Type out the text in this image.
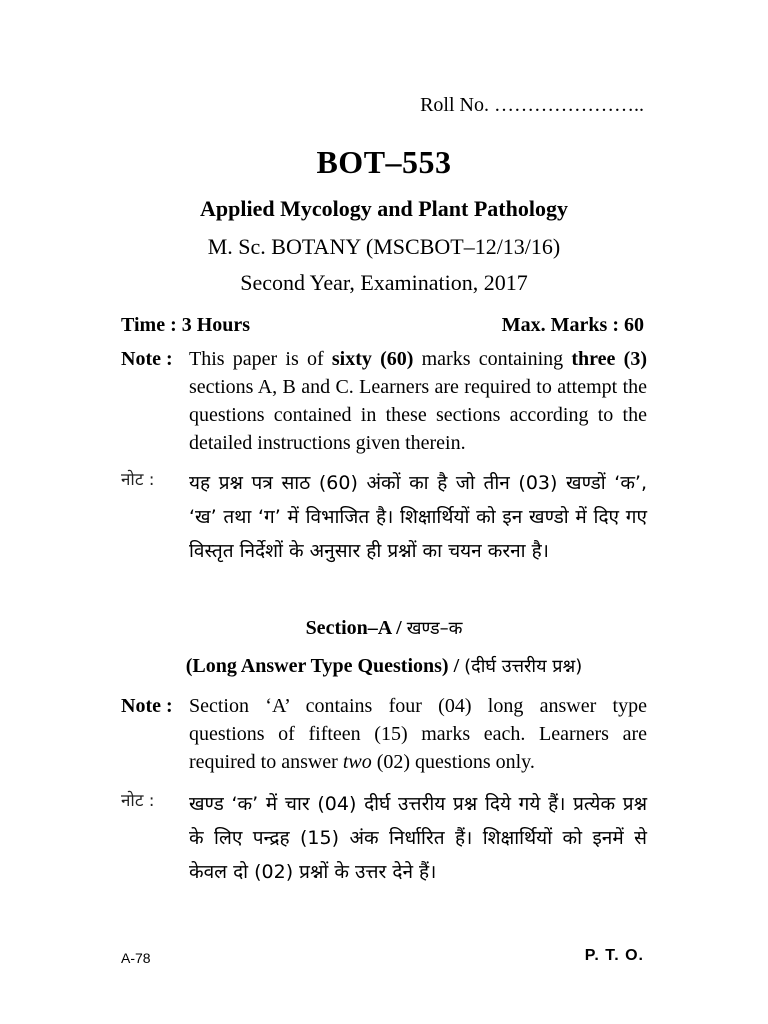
Roll No. …………………..
BOT–553
Applied Mycology and Plant Pathology
M. Sc. BOTANY (MSCBOT–12/13/16)
Second Year, Examination, 2017
Time : 3 Hours	Max. Marks : 60
Note : This paper is of sixty (60) marks containing three (3) sections A, B and C. Learners are required to attempt the questions contained in these sections according to the detailed instructions given therein.
नोट :	यह प्रश्न पत्र साठ (60) अंकों का है जो तीन (03) खण्डों ‘क’, ‘ख’ तथा ‘ग’ में विभाजित है। शिक्षार्थियों को इन खण्डो में दिए गए विस्तृत निर्देशों के अनुसार ही प्रश्नों का चयन करना है।
Section–A / खण्ड–क
(Long Answer Type Questions) / (दीर्घ उत्तरीय प्रश्न)
Note : Section ‘A’ contains four (04) long answer type questions of fifteen (15) marks each. Learners are required to answer two (02) questions only.
नोट :	खण्ड ‘क’ में चार (04) दीर्घ उत्तरीय प्रश्न दिये गये हैं। प्रत्येक प्रश्न के लिए पन्द्रह (15) अंक निर्धारित हैं। शिक्षार्थियों को इनमें से केवल दो (02) प्रश्नों के उत्तर देने हैं।
A-78	P. T. O.
